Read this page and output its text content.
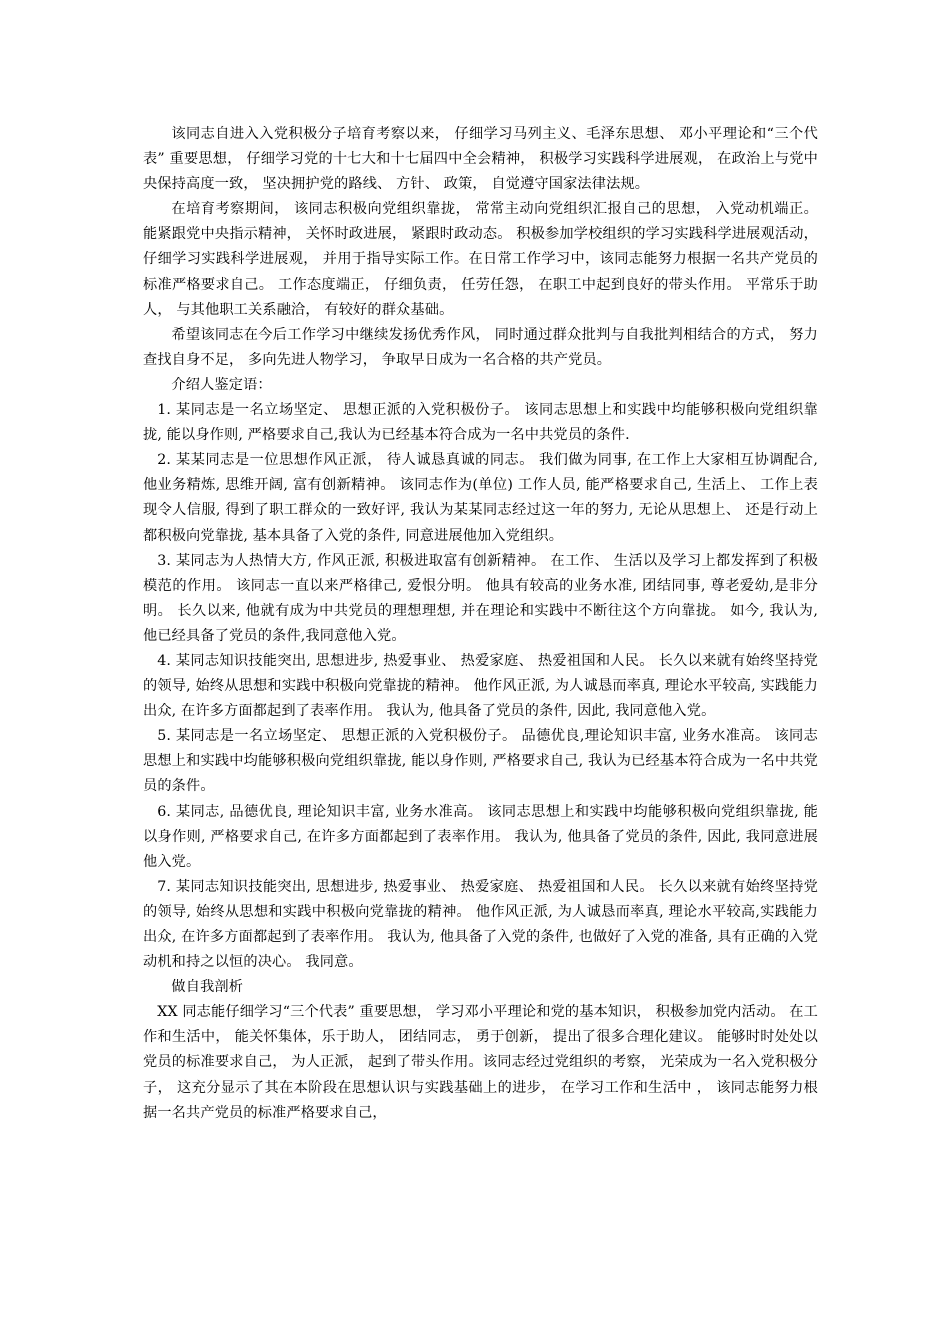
该同志自进入入党积极分子培育考察以来， 仔细学习马列主义、毛泽东思想、 邓小平理论和“三个代表” 重要思想， 仔细学习党的十七大和十七届四中全会精神， 积极学习实践科学进展观， 在政治上与党中央保持高度一致， 坚决拥护党的路线、 方针、 政策， 自觉遵守国家法律法规。

在培育考察期间， 该同志积极向党组织靠拢， 常常主动向党组织汇报自己的思想， 入党动机端正。 能紧跟党中央指示精神， 关怀时政进展， 紧跟时政动态。 积极参加学校组织的学习实践科学进展观活动，仔细学习实践科学进展观， 并用于指导实际工作。在日常工作学习中，该同志能努力根据一名共产党员的标准严格要求自己。 工作态度端正， 仔细负责， 任劳任怨， 在职工中起到良好的带头作用。 平常乐于助人， 与其他职工关系融洽， 有较好的群众基础。

希望该同志在今后工作学习中继续发扬优秀作风， 同时通过群众批判与自我批判相结合的方式， 努力查找自身不足， 多向先进人物学习， 争取早日成为一名合格的共产党员。

介绍人鉴定语：

1. 某同志是一名立场坚定、 思想正派的入党积极份子。 该同志思想上和实践中均能够积极向党组织靠拢, 能以身作则, 严格要求自己,我认为已经基本符合成为一名中共党员的条件.

2. 某某同志是一位思想作风正派， 待人诚恳真诚的同志。 我们做为同事, 在工作上大家相互协调配合, 他业务精炼, 思维开阔, 富有创新精神。 该同志作为(单位) 工作人员, 能严格要求自己, 生活上、 工作上表现令人信服, 得到了职工群众的一致好评, 我认为某某同志经过这一年的努力, 无论从思想上、 还是行动上都积极向党靠拢, 基本具备了入党的条件, 同意进展他加入党组织。

3. 某同志为人热情大方, 作风正派, 积极进取富有创新精神。 在工作、 生活以及学习上都发挥到了积极模范的作用。 该同志一直以来严格律己, 爱恨分明。 他具有较高的业务水准, 团结同事, 尊老爱幼,是非分明。 长久以来, 他就有成为中共党员的理想理想, 并在理论和实践中不断往这个方向靠拢。 如今, 我认为, 他已经具备了党员的条件,我同意他入党。

4. 某同志知识技能突出, 思想进步, 热爱事业、 热爱家庭、 热爱祖国和人民。 长久以来就有始终坚持党的领导, 始终从思想和实践中积极向党靠拢的精神。 他作风正派, 为人诚恳而率真, 理论水平较高, 实践能力出众, 在许多方面都起到了表率作用。 我认为, 他具备了党员的条件, 因此, 我同意他入党。

5. 某同志是一名立场坚定、 思想正派的入党积极份子。 品德优良,理论知识丰富, 业务水准高。 该同志思想上和实践中均能够积极向党组织靠拢, 能以身作则, 严格要求自己, 我认为已经基本符合成为一名中共党员的条件。

6. 某同志, 品德优良, 理论知识丰富, 业务水准高。 该同志思想上和实践中均能够积极向党组织靠拢, 能以身作则, 严格要求自己, 在许多方面都起到了表率作用。 我认为, 他具备了党员的条件, 因此, 我同意进展他入党。

7. 某同志知识技能突出, 思想进步, 热爱事业、 热爱家庭、 热爱祖国和人民。 长久以来就有始终坚持党的领导, 始终从思想和实践中积极向党靠拢的精神。 他作风正派, 为人诚恳而率真, 理论水平较高,实践能力出众, 在许多方面都起到了表率作用。 我认为, 他具备了入党的条件, 也做好了入党的准备, 具有正确的入党动机和持之以恒的决心。 我同意。

做自我剖析

XX 同志能仔细学习“三个代表” 重要思想， 学习邓小平理论和党的基本知识， 积极参加党内活动。 在工作和生活中， 能关怀集体，乐于助人， 团结同志， 勇于创新， 提出了很多合理化建议。 能够时时处处以党员的标准要求自己， 为人正派， 起到了带头作用。该同志经过党组织的考察， 光荣成为一名入党积极分子， 这充分显示了其在本阶段在思想认识与实践基础上的进步， 在学习工作和生活中 ， 该同志能努力根据一名共产党员的标准严格要求自己，
